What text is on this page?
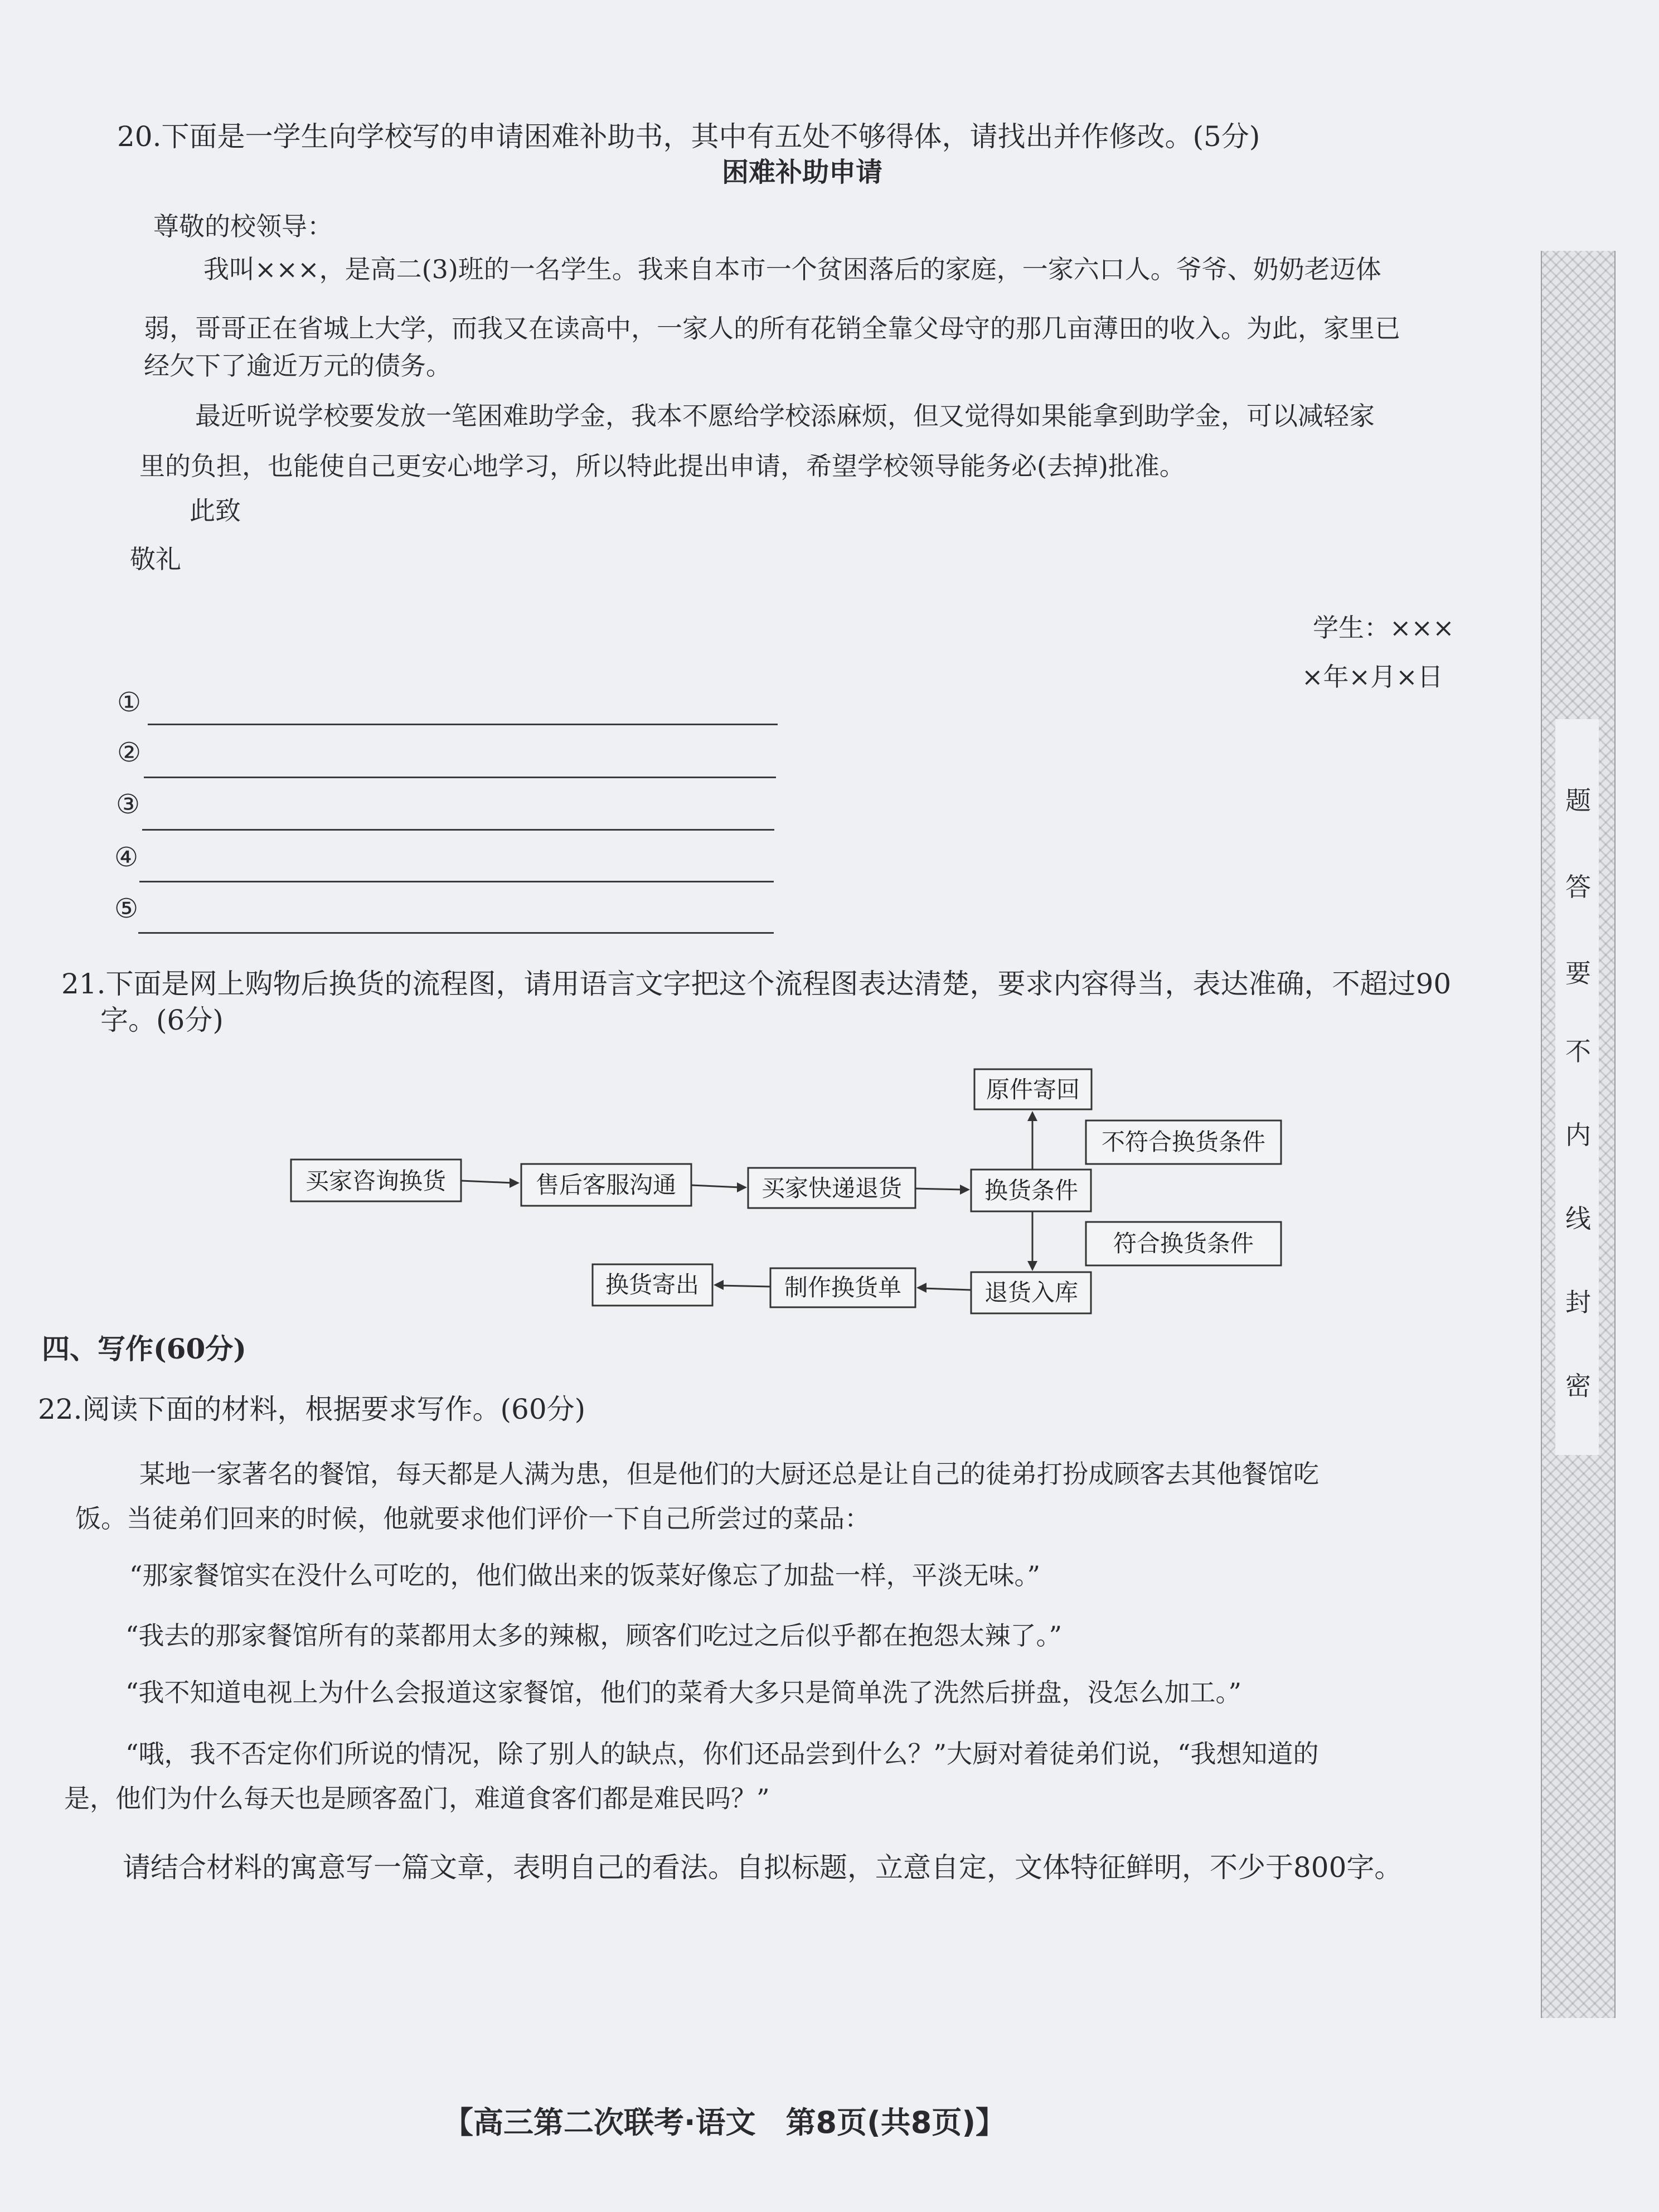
题
答
要
不
内
线
封
密
20.下面是一学生向学校写的申请困难补助书，其中有五处不够得体，请找出并作修改。(5分)
困难补助申请
尊敬的校领导：
我叫×××，是高二(3)班的一名学生。我来自本市一个贫困落后的家庭，一家六口人。爷爷、奶奶老迈体
弱，哥哥正在省城上大学，而我又在读高中，一家人的所有花销全靠父母守的那几亩薄田的收入。为此，家里已
经欠下了逾近万元的债务。
最近听说学校要发放一笔困难助学金，我本不愿给学校添麻烦，但又觉得如果能拿到助学金，可以减轻家
里的负担，也能使自己更安心地学习，所以特此提出申请，希望学校领导能务必(去掉)批准。
此致
敬礼
学生：×××
×年×月×日
①
②
③
④
⑤
21.下面是网上购物后换货的流程图，请用语言文字把这个流程图表达清楚，要求内容得当，表达准确，不超过90
字。(6分)
买家咨询换货	售后客服沟通	买家快递退货	换货条件
原件寄回
不符合换货条件
符合换货条件
退货入库
制作换货单
换货寄出
四、写作(60分)
22.阅读下面的材料，根据要求写作。(60分)
某地一家著名的餐馆，每天都是人满为患，但是他们的大厨还总是让自己的徒弟打扮成顾客去其他餐馆吃
饭。当徒弟们回来的时候，他就要求他们评价一下自己所尝过的菜品：
“那家餐馆实在没什么可吃的，他们做出来的饭菜好像忘了加盐一样，平淡无味。”
“我去的那家餐馆所有的菜都用太多的辣椒，顾客们吃过之后似乎都在抱怨太辣了。”
“我不知道电视上为什么会报道这家餐馆，他们的菜肴大多只是简单洗了洗然后拼盘，没怎么加工。”
“哦，我不否定你们所说的情况，除了别人的缺点，你们还品尝到什么？”大厨对着徒弟们说，“我想知道的
是，他们为什么每天也是顾客盈门，难道食客们都是难民吗？”
请结合材料的寓意写一篇文章，表明自己的看法。自拟标题，立意自定，文体特征鲜明，不少于800字。
【高三第二次联考·语文　第8页(共8页)】
